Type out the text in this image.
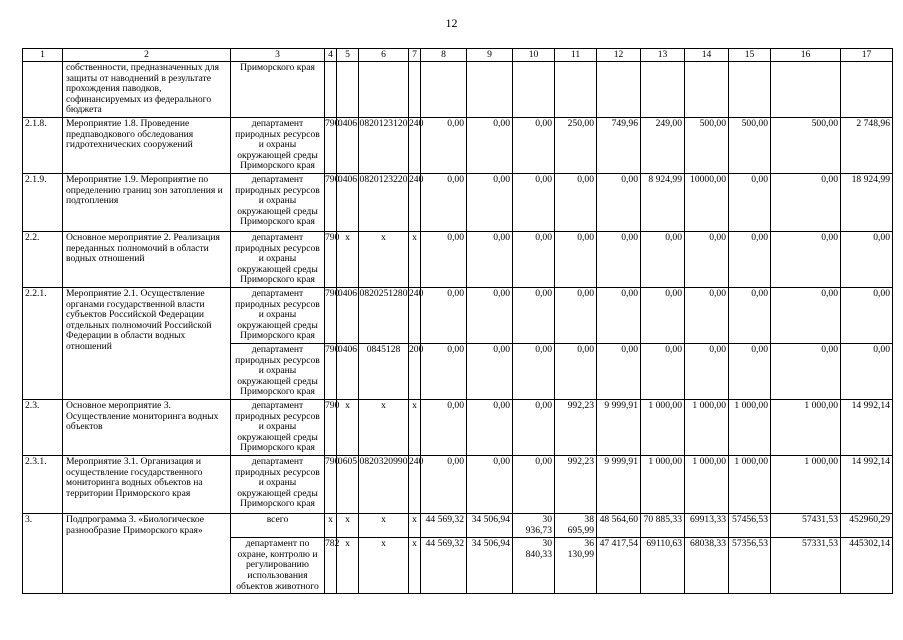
12
1	2	3	4	5	6	7	8	9	10	11	12	13	14	15	16	17
	собственности, предназначенных для защиты от наводнений в результате прохождения паводков, софинансируемых из федерального бюджета	Приморского края														
2.1.8.	Мероприятие 1.8. Проведение предпаводкового обследования гидротехнических сооружений	департамент природных ресурсов и охраны окружающей среды Приморского края	790	0406	0820123120	240	0,00	0,00	0,00	250,00	749,96	249,00	500,00	500,00	500,00	2 748,96
2.1.9.	Мероприятие 1.9. Мероприятие по определению границ зон затопления и подтопления	департамент природных ресурсов и охраны окружающей среды Приморского края	790	0406	0820123220	240	0,00	0,00	0,00	0,00	0,00	8 924,99	10000,00	0,00	0,00	18 924,99
2.2.	Основное мероприятие 2. Реализация переданных полномочий в области водных отношений	департамент природных ресурсов и охраны окружающей среды Приморского края	790	х	х	х	0,00	0,00	0,00	0,00	0,00	0,00	0,00	0,00	0,00	0,00
2.2.1.	Мероприятие 2.1. Осуществление органами государственной власти субъектов Российской Федерации отдельных полномочий Российской Федерации в области водных отношений	департамент природных ресурсов и охраны окружающей среды Приморского края	790	0406	0820251280	240	0,00	0,00	0,00	0,00	0,00	0,00	0,00	0,00	0,00	0,00
		департамент природных ресурсов и охраны окружающей среды Приморского края	790	0406	0845128	200	0,00	0,00	0,00	0,00	0,00	0,00	0,00	0,00	0,00	0,00
2.3.	Основное мероприятие 3. Осуществление мониторинга водных объектов	департамент природных ресурсов и охраны окружающей среды Приморского края	790	х	х	х	0,00	0,00	0,00	992,23	9 999,91	1 000,00	1 000,00	1 000,00	1 000,00	14 992,14
2.3.1.	Мероприятие 3.1. Организация и осуществление государственного мониторинга водных объектов на территории Приморского края	департамент природных ресурсов и охраны окружающей среды Приморского края	790	0605	0820320990	240	0,00	0,00	0,00	992,23	9 999,91	1 000,00	1 000,00	1 000,00	1 000,00	14 992,14
3.	Подпрограмма 3. «Биологическое разнообразие Приморского края»	всего	х	х	х	х	44 569,32	34 506,94	30 936,73	38 695,99	48 564,60	70 885,33	69913,33	57456,53	57431,53	452960,29
		департамент по охране, контролю и регулированию использования объектов животного	782	х	х	х	44 569,32	34 506,94	30 840,33	36 130,99	47 417,54	69110,63	68038,33	57356,53	57331,53	445302,14
